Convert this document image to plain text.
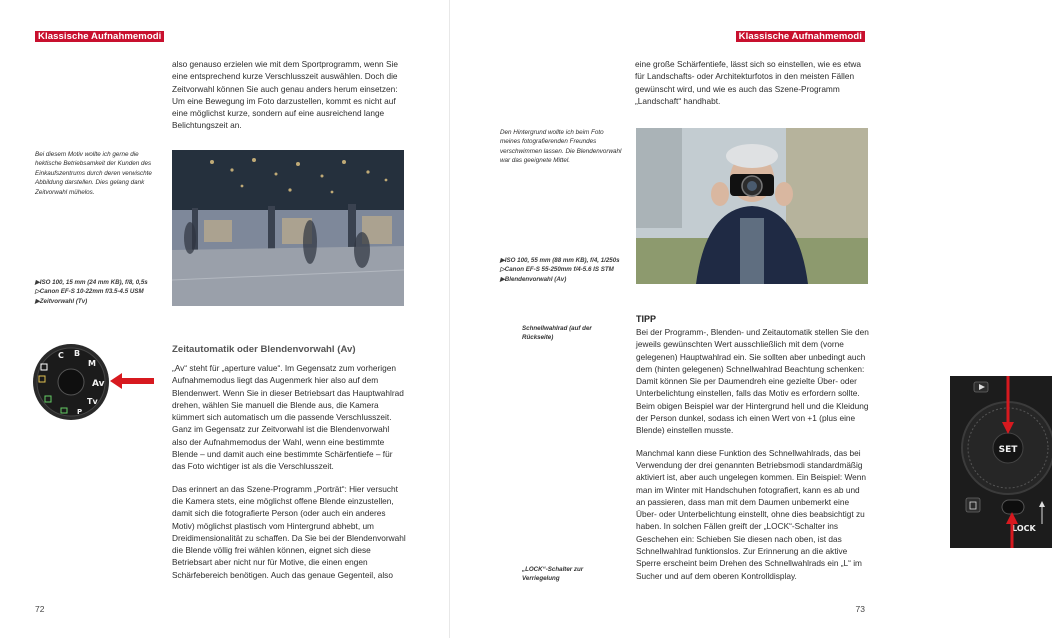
Klassische Aufnahmemodi

also genauso erzielen wie mit dem Sportprogramm, wenn Sie eine entsprechend kurze Verschlusszeit auswählen. Doch die Zeitvorwahl können Sie auch genau anders herum einsetzen: Um eine Bewegung im Foto darzustellen, kommt es nicht auf eine möglichst kurze, sondern auf eine ausreichend lange Belichtungszeit an.

Bei diesem Motiv wollte ich gerne die hektische Betriebsamkeit der Kunden des Einkaufszentrums durch deren verwischte Abbildung darstellen. Dies gelang dank Zeitvorwahl mühelos.
▶ISO 100, 15 mm (24 mm KB), f/8, 0,5s
▷Canon EF-S 10-22mm f/3.5-4.5 USM
▶Zeitvorwahl (Tv)
C B
M
Av
Tv
P
Zeitautomatik oder Blendenvorwahl (Av)

„Av“ steht für „aperture value“. Im Gegensatz zum vorherigen Aufnahmemodus liegt das Augenmerk hier also auf dem Blendenwert. Wenn Sie in dieser Betriebsart das Hauptwahlrad drehen, wählen Sie manuell die Blende aus, die Kamera kümmert sich automatisch um die passende Verschlusszeit. Ganz im Gegensatz zur Zeitvorwahl ist die Blendenvorwahl also der Aufnahmemodus der Wahl, wenn eine bestimmte Blende – und damit auch eine bestimmte Schärfentiefe – für das Foto wichtiger ist als die Verschlusszeit.

Das erinnert an das Szene-Programm „Porträt“: Hier versucht die Kamera stets, eine möglichst offene Blende einzustellen, damit sich die fotografierte Person (oder auch ein anderes Motiv) möglichst plastisch vom Hintergrund abhebt, um Dreidimensionalität zu schaffen. Da Sie bei der Blendenvorwahl die Blende völlig frei wählen können, eignet sich diese Betriebsart aber nicht nur für Motive, die einen engen Schärfebereich benötigen. Auch das genaue Gegenteil, also

72
Klassische Aufnahmemodi

eine große Schärfentiefe, lässt sich so einstellen, wie es etwa für Landschafts- oder Architekturfotos in den meisten Fällen gewünscht wird, und wie es auch das Szene-Programm „Landschaft“ handhabt.

Den Hintergrund wollte ich beim Foto meines fotografierenden Freundes verschwimmen lassen. Die Blendenvorwahl war das geeignete Mittel.
▶ISO 100, 55 mm (88 mm KB), f/4, 1/250s
▷Canon EF-S 55-250mm f/4-5.6 IS STM
▶Blendenvorwahl (Av)
Schnellwahlrad (auf der Rückseite)
SET
LOCK
„LOCK“-Schalter zur Verriegelung
TIPP

Bei der Programm-, Blenden- und Zeitautomatik stellen Sie den jeweils gewünschten Wert ausschließlich mit dem (vorne gelegenen) Hauptwahlrad ein. Sie sollten aber unbedingt auch dem (hinten gelegenen) Schnellwahlrad Beachtung schenken: Damit können Sie per Daumendreh eine gezielte Über- oder Unterbelichtung einstellen, falls das Motiv es erfordern sollte. Beim obigen Beispiel war der Hintergrund hell und die Kleidung der Person dunkel, sodass ich einen Wert von +1 (plus eine Blende) einstellen musste.

Manchmal kann diese Funktion des Schnellwahlrads, das bei Verwendung der drei genannten Betriebsmodi standardmäßig aktiviert ist, aber auch ungelegen kommen. Ein Beispiel: Wenn man im Winter mit Handschuhen fotografiert, kann es ab und an passieren, dass man mit dem Daumen unbemerkt eine Über- oder Unterbelichtung einstellt, ohne dies beabsichtigt zu haben. In solchen Fällen greift der „LOCK“-Schalter ins Geschehen ein: Schieben Sie diesen nach oben, ist das Schnellwahlrad funktionslos. Zur Erinnerung an die aktive Sperre erscheint beim Drehen des Schnellwahlrads ein „L“ im Sucher und auf dem oberen Kontrolldisplay.

73
